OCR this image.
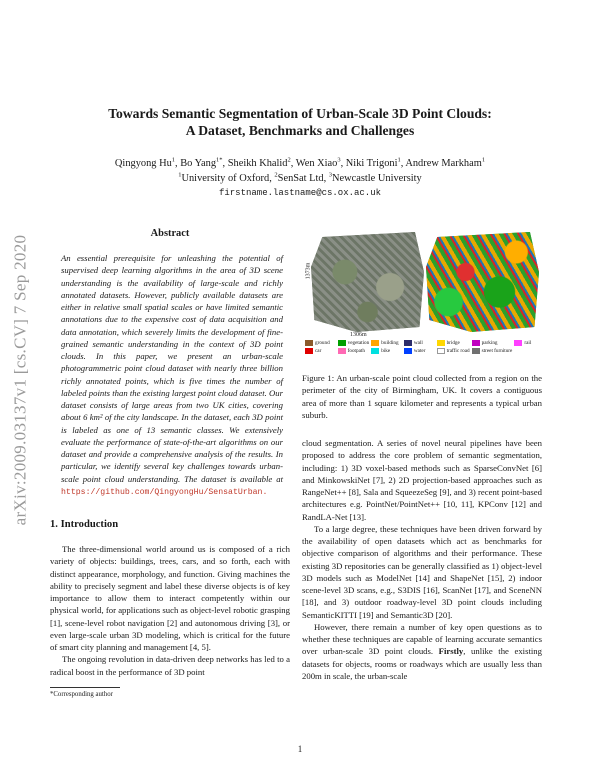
arXiv:2009.03137v1 [cs.CV] 7 Sep 2020
Towards Semantic Segmentation of Urban-Scale 3D Point Clouds:
A Dataset, Benchmarks and Challenges
Qingyong Hu$^1$, Bo Yang$^{1*}$, Sheikh Khalid$^2$, Wen Xiao$^3$, Niki Trigoni$^1$, Andrew Markham$^1$
$^1$University of Oxford, $^2$SenSat Ltd, $^3$Newcastle University
firstname.lastname@cs.ox.ac.uk
Abstract
An essential prerequisite for unleashing the potential of supervised deep learning algorithms in the area of 3D scene understanding is the availability of large-scale and richly annotated datasets. However, publicly available datasets are either in relative small spatial scales or have limited semantic annotations due to the expensive cost of data acquisition and data annotation, which severely limits the development of fine-grained semantic understanding in the context of 3D point clouds. In this paper, we present an urban-scale photogrammetric point cloud dataset with nearly three billion richly annotated points, which is five times the number of labeled points than the existing largest point cloud dataset. Our dataset consists of large areas from two UK cities, covering about 6 km² of the city landscape. In the dataset, each 3D point is labeled as one of 13 semantic classes. We extensively evaluate the performance of state-of-the-art algorithms on our dataset and provide a comprehensive analysis of the results. In particular, we identify several key challenges towards urban-scale point cloud understanding. The dataset is available at https://github.com/QingyongHu/SensatUrban.
1. Introduction

The three-dimensional world around us is composed of a rich variety of objects: buildings, trees, cars, and so forth, each with distinct appearance, morphology, and function. Giving machines the ability to precisely segment and label these diverse objects is of key importance to allow them to interact competently within our physical world, for applications such as object-level robotic grasping [1], scene-level robot navigation [2] and autonomous driving [3], or even large-scale urban 3D modeling, which is critical for the future of smart city planning and management [4, 5].

The ongoing revolution in data-driven deep networks has led to a radical boost in the performance of 3D point

*Corresponding author
1373m
1306m
ground	vegetation building	wall	bridge	parking	rail
car	footpath	bike	water	traffic road street furniture
Figure 1: An urban-scale point cloud collected from a region on the perimeter of the city of Birmingham, UK. It covers a contiguous area of more than 1 square kilometer and represents a typical urban suburb.

cloud segmentation. A series of novel neural pipelines have been proposed to address the core problem of semantic segmentation, including: 1) 3D voxel-based methods such as SparseConvNet [6] and MinkowskiNet [7], 2) 2D projection-based approaches such as RangeNet++ [8], Sala and SqueezeSeg [9], and 3) recent point-based architectures e.g. PointNet/PointNet++ [10, 11], KPConv [12] and RandLA-Net [13].

To a large degree, these techniques have been driven forward by the availability of open datasets which act as benchmarks for objective comparison of algorithms and their performance. These existing 3D repositories can be generally classified as 1) object-level 3D models such as ModelNet [14] and ShapeNet [15], 2) indoor scene-level 3D scans, e.g., S3DIS [16], ScanNet [17], and SceneNN [18], and 3) outdoor roadway-level 3D point clouds including SemanticKITTI [19] and Semantic3D [20].

However, there remain a number of key open questions as to whether these techniques are capable of learning accurate semantics over urban-scale 3D point clouds. Firstly, unlike the existing datasets for objects, rooms or roadways which are usually less than 200m in scale, the urban-scale

1
